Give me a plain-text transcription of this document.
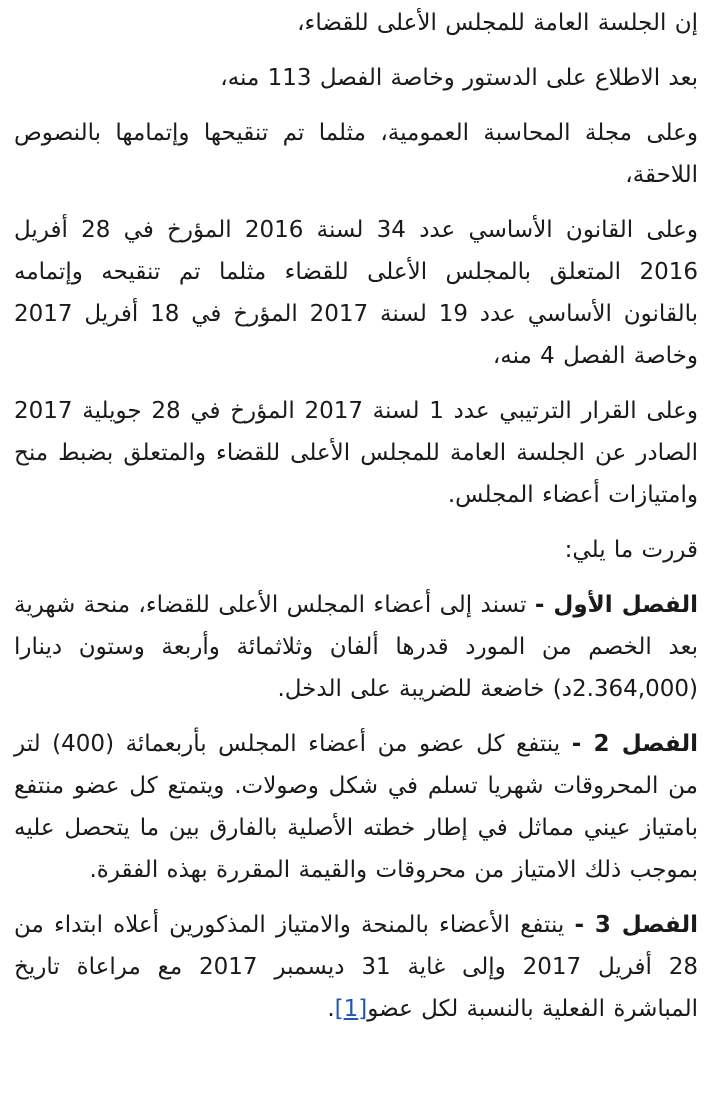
إن الجلسة العامة للمجلس الأعلى للقضاء،

بعد الاطلاع على الدستور وخاصة الفصل 113 منه،

وعلى مجلة المحاسبة العمومية، مثلما تم تنقيحها وإتمامها بالنصوص اللاحقة،

وعلى القانون الأساسي عدد 34 لسنة 2016 المؤرخ في 28 أفريل 2016 المتعلق بالمجلس الأعلى للقضاء مثلما تم تنقيحه وإتمامه بالقانون الأساسي عدد 19 لسنة 2017 المؤرخ في 18 أفريل 2017 وخاصة الفصل 4 منه،

وعلى القرار الترتيبي عدد 1 لسنة 2017 المؤرخ في 28 جويلية 2017 الصادر عن الجلسة العامة للمجلس الأعلى للقضاء والمتعلق بضبط منح وامتيازات أعضاء المجلس.

قررت ما يلي:

الفصل الأول - تسند إلى أعضاء المجلس الأعلى للقضاء، منحة شهرية بعد الخصم من المورد قدرها ألفان وثلاثمائة وأربعة وستون دينارا (2.364,000د) خاضعة للضريبة على الدخل.

الفصل 2 - ينتفع كل عضو من أعضاء المجلس بأربعمائة (400) لتر من المحروقات شهريا تسلم في شكل وصولات. ويتمتع كل عضو منتفع بامتياز عيني مماثل في إطار خطته الأصلية بالفارق بين ما يتحصل عليه بموجب ذلك الامتياز من محروقات والقيمة المقررة بهذه الفقرة.

الفصل 3 - ينتفع الأعضاء بالمنحة والامتياز المذكورين أعلاه ابتداء من 28 أفريل 2017 وإلى غاية 31 ديسمبر 2017 مع مراعاة تاريخ المباشرة الفعلية بالنسبة لكل عضو[1].
